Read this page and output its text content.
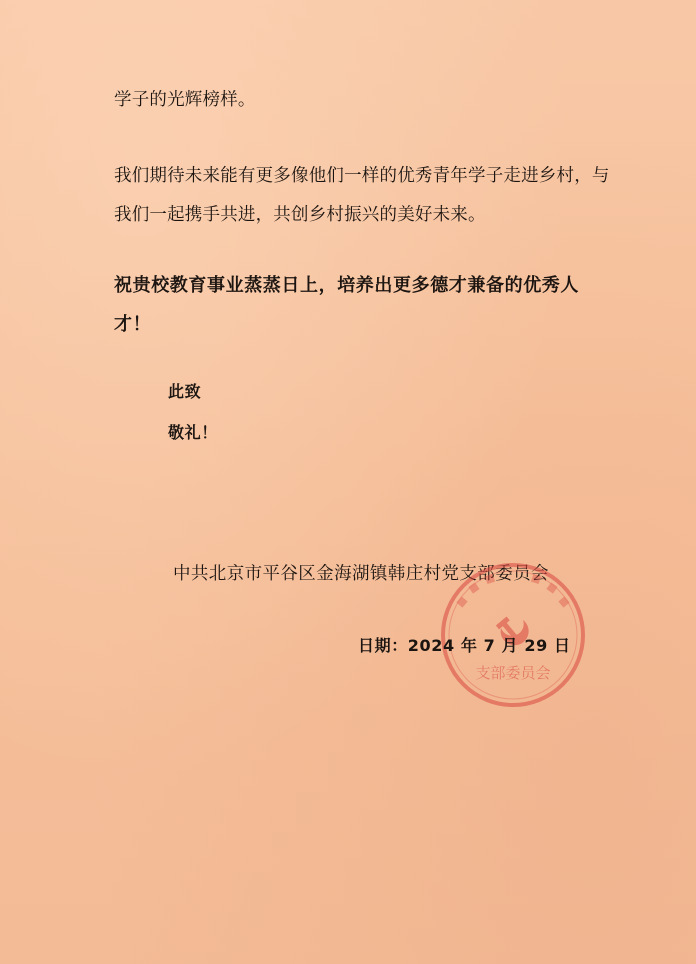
学子的光辉榜样。
我们期待未来能有更多像他们一样的优秀青年学子走进乡村，与
我们一起携手共进，共创乡村振兴的美好未来。
祝贵校教育事业蒸蒸日上，培养出更多德才兼备的优秀人
才！
此致
敬礼！
中共北京市平谷区金海湖镇韩庄村党支部委员会
支部委员会
日期：2024 年 7 月 29 日
